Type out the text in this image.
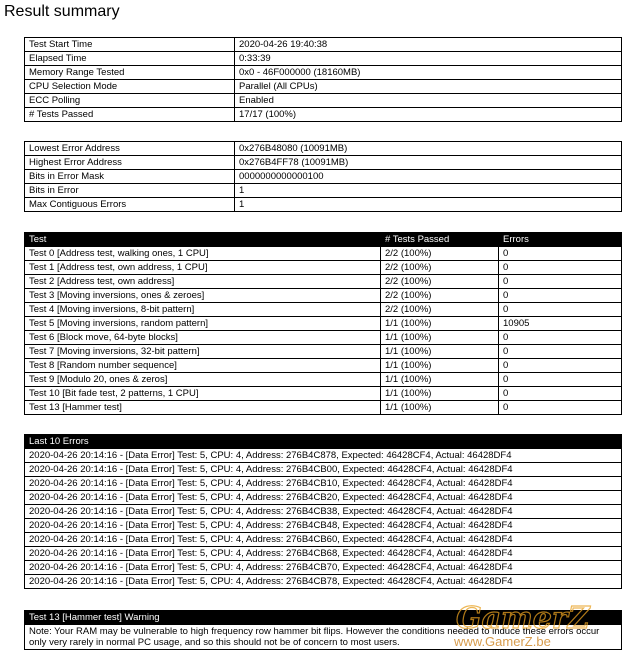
Result summary
Test Start Time	2020-04-26 19:40:38
Elapsed Time	0:33:39
Memory Range Tested	0x0 - 46F000000 (18160MB)
CPU Selection Mode	Parallel (All CPUs)
ECC Polling	Enabled
# Tests Passed	17/17 (100%)
Lowest Error Address	0x276B48080 (10091MB)
Highest Error Address	0x276B4FF78 (10091MB)
Bits in Error Mask	0000000000000100
Bits in Error	1
Max Contiguous Errors	1
Test	# Tests Passed	Errors
Test 0 [Address test, walking ones, 1 CPU]	2/2 (100%)	0
Test 1 [Address test, own address, 1 CPU]	2/2 (100%)	0
Test 2 [Address test, own address]	2/2 (100%)	0
Test 3 [Moving inversions, ones & zeroes]	2/2 (100%)	0
Test 4 [Moving inversions, 8-bit pattern]	2/2 (100%)	0
Test 5 [Moving inversions, random pattern]	1/1 (100%)	10905
Test 6 [Block move, 64-byte blocks]	1/1 (100%)	0
Test 7 [Moving inversions, 32-bit pattern]	1/1 (100%)	0
Test 8 [Random number sequence]	1/1 (100%)	0
Test 9 [Modulo 20, ones & zeros]	1/1 (100%)	0
Test 10 [Bit fade test, 2 patterns, 1 CPU]	1/1 (100%)	0
Test 13 [Hammer test]	1/1 (100%)	0
Last 10 Errors
2020-04-26 20:14:16 - [Data Error] Test: 5, CPU: 4, Address: 276B4C878, Expected: 46428CF4, Actual: 46428DF4
2020-04-26 20:14:16 - [Data Error] Test: 5, CPU: 4, Address: 276B4CB00, Expected: 46428CF4, Actual: 46428DF4
2020-04-26 20:14:16 - [Data Error] Test: 5, CPU: 4, Address: 276B4CB10, Expected: 46428CF4, Actual: 46428DF4
2020-04-26 20:14:16 - [Data Error] Test: 5, CPU: 4, Address: 276B4CB20, Expected: 46428CF4, Actual: 46428DF4
2020-04-26 20:14:16 - [Data Error] Test: 5, CPU: 4, Address: 276B4CB38, Expected: 46428CF4, Actual: 46428DF4
2020-04-26 20:14:16 - [Data Error] Test: 5, CPU: 4, Address: 276B4CB48, Expected: 46428CF4, Actual: 46428DF4
2020-04-26 20:14:16 - [Data Error] Test: 5, CPU: 4, Address: 276B4CB60, Expected: 46428CF4, Actual: 46428DF4
2020-04-26 20:14:16 - [Data Error] Test: 5, CPU: 4, Address: 276B4CB68, Expected: 46428CF4, Actual: 46428DF4
2020-04-26 20:14:16 - [Data Error] Test: 5, CPU: 4, Address: 276B4CB70, Expected: 46428CF4, Actual: 46428DF4
2020-04-26 20:14:16 - [Data Error] Test: 5, CPU: 4, Address: 276B4CB78, Expected: 46428CF4, Actual: 46428DF4
Test 13 [Hammer test] Warning
Note: Your RAM may be vulnerable to high frequency row hammer bit flips. However the conditions needed to induce these errors occur only very rarely in normal PC usage, and so this should not be of concern to most users.
GamerZ
www.GamerZ.be
